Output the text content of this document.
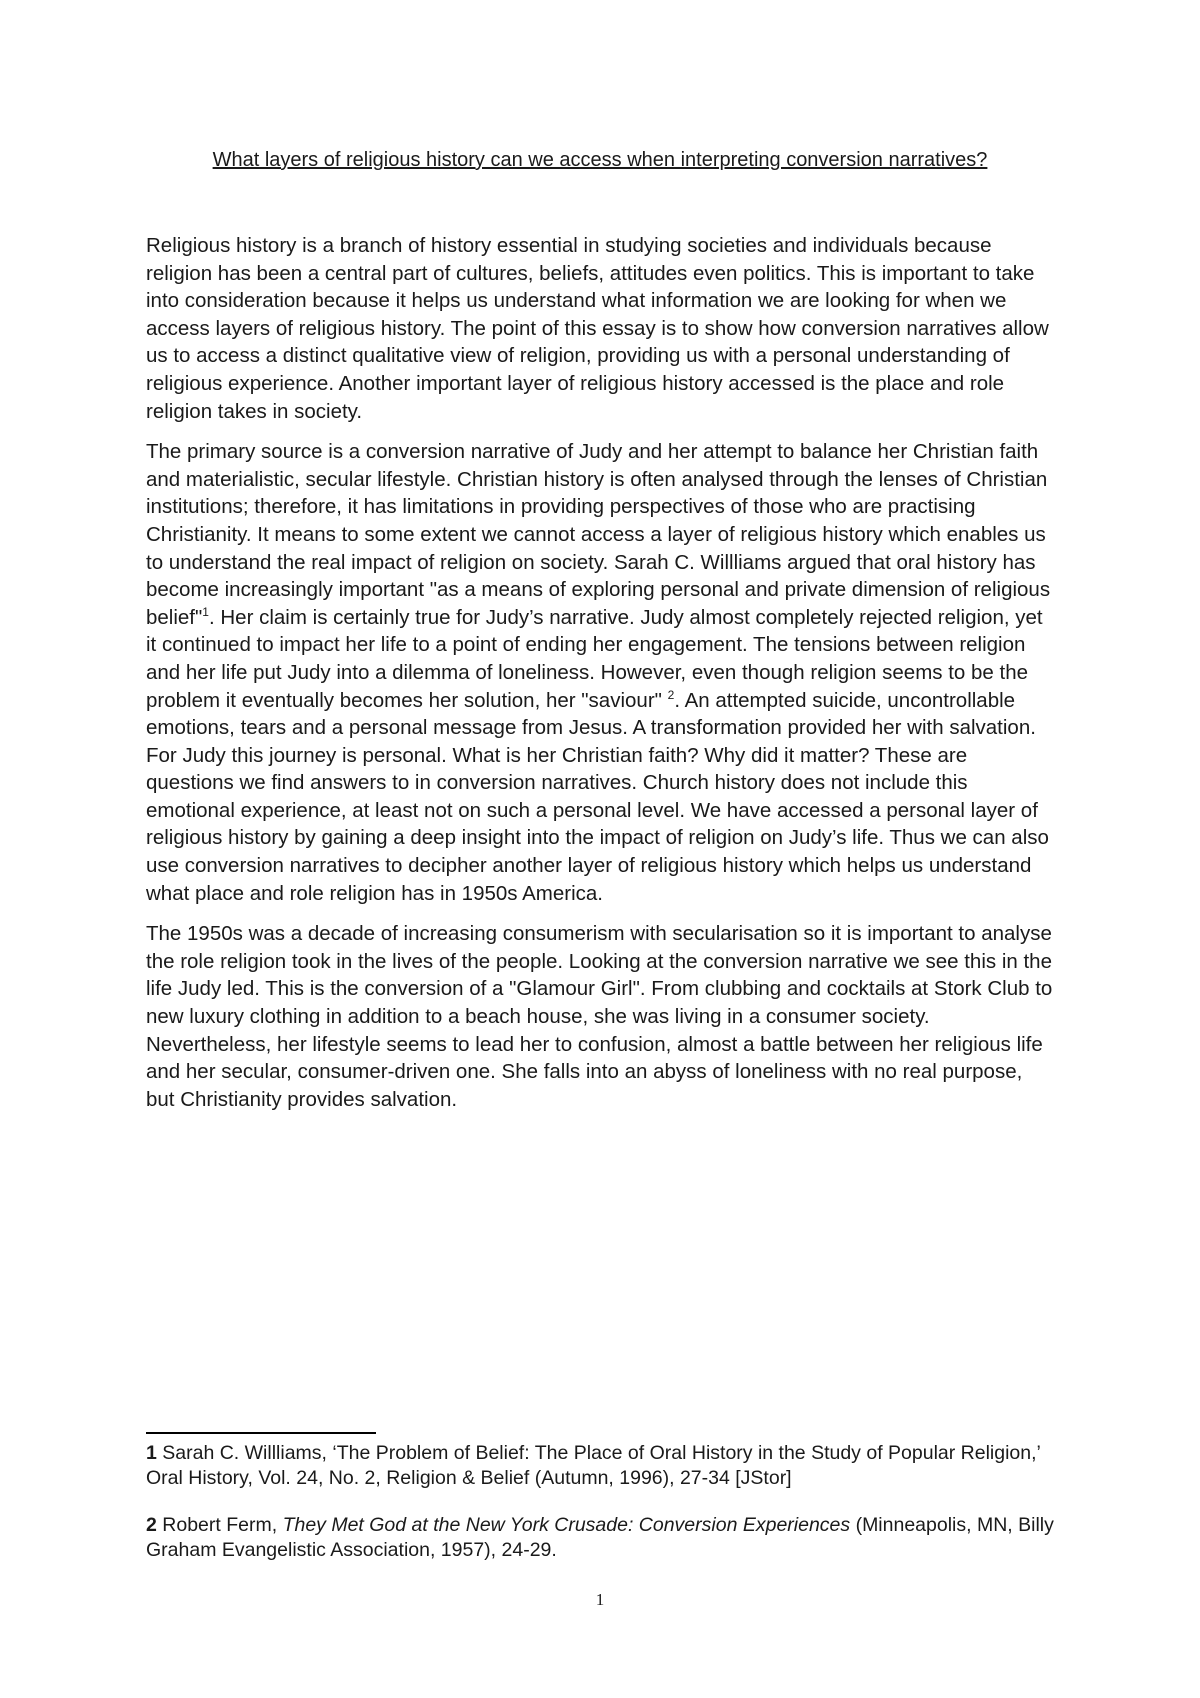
What layers of religious history can we access when interpreting conversion narratives?

Religious history is a branch of history essential in studying societies and individuals because religion has been a central part of cultures, beliefs, attitudes even politics. This is important to take into consideration because it helps us understand what information we are looking for when we access layers of religious history. The point of this essay is to show how conversion narratives allow us to access a distinct qualitative view of religion, providing us with a personal understanding of religious experience. Another important layer of religious history accessed is the place and role religion takes in society.

The primary source is a conversion narrative of Judy and her attempt to balance her Christian faith and materialistic, secular lifestyle. Christian history is often analysed through the lenses of Christian institutions; therefore, it has limitations in providing perspectives of those who are practising Christianity. It means to some extent we cannot access a layer of religious history which enables us to understand the real impact of religion on society. Sarah C. Willliams argued that oral history has become increasingly important "as a means of exploring personal and private dimension of religious belief"$^1$. Her claim is certainly true for Judy’s narrative. Judy almost completely rejected religion, yet it continued to impact her life to a point of ending her engagement. The tensions between religion and her life put Judy into a dilemma of loneliness. However, even though religion seems to be the problem it eventually becomes her solution, her "saviour" $^2$. An attempted suicide, uncontrollable emotions, tears and a personal message from Jesus. A transformation provided her with salvation. For Judy this journey is personal. What is her Christian faith? Why did it matter? These are questions we find answers to in conversion narratives. Church history does not include this emotional experience, at least not on such a personal level. We have accessed a personal layer of religious history by gaining a deep insight into the impact of religion on Judy’s life. Thus we can also use conversion narratives to decipher another layer of religious history which helps us understand what place and role religion has in 1950s America.

The 1950s was a decade of increasing consumerism with secularisation so it is important to analyse the role religion took in the lives of the people. Looking at the conversion narrative we see this in the life Judy led. This is the conversion of a "Glamour Girl". From clubbing and cocktails at Stork Club to new luxury clothing in addition to a beach house, she was living in a consumer society. Nevertheless, her lifestyle seems to lead her to confusion, almost a battle between her religious life and her secular, consumer-driven one. She falls into an abyss of loneliness with no real purpose, but Christianity provides salvation.

1 Sarah C. Willliams, ‘The Problem of Belief: The Place of Oral History in the Study of Popular Religion,’ Oral History, Vol. 24, No. 2, Religion & Belief (Autumn, 1996), 27-34 [JStor]
2 Robert Ferm, They Met God at the New York Crusade: Conversion Experiences (Minneapolis, MN, Billy Graham Evangelistic Association, 1957), 24-29.
1
